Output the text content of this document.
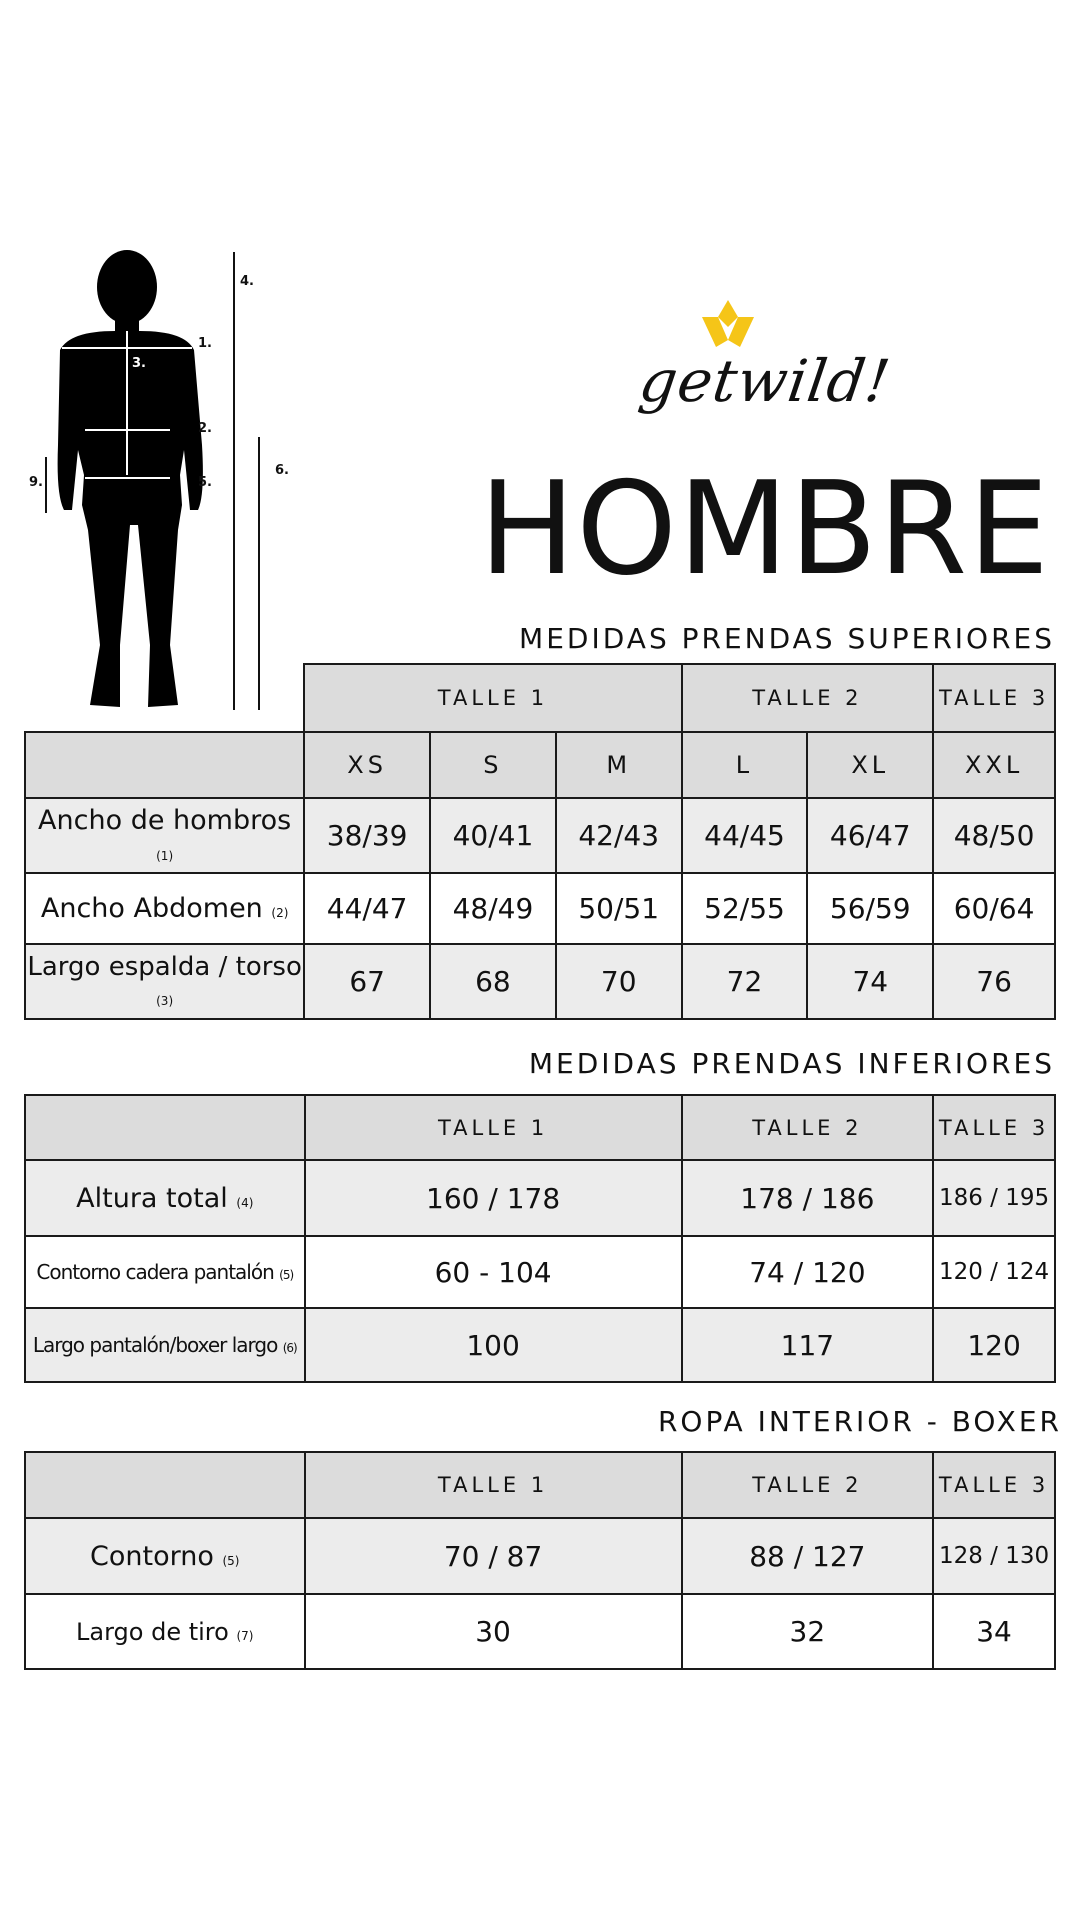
4.
1.
3.
2.
9.	5.
6.
getwild!
HOMBRE
MEDIDAS PRENDAS SUPERIORES
	TALLE 1			TALLE 2		TALLE 3
	XS	S	M	L	XL	XXL
Ancho de hombros (1)	38/39	40/41	42/43	44/45	46/47	48/50
Ancho Abdomen (2)	44/47	48/49	50/51	52/55	56/59	60/64
Largo espalda / torso (3)	67	68	70	72	74	76
MEDIDAS PRENDAS INFERIORES
	TALLE 1	TALLE 2	TALLE 3
Altura total (4)	160 / 178	178 / 186	186 / 195
Contorno cadera pantalón (5)	60 - 104	74 / 120	120 / 124
Largo pantalón/boxer largo (6)	100	117	120
ROPA INTERIOR - BOXER
	TALLE 1	TALLE 2	TALLE 3
Contorno (5)	70 / 87	88 / 127	128 / 130
Largo de tiro (7)	30	32	34
